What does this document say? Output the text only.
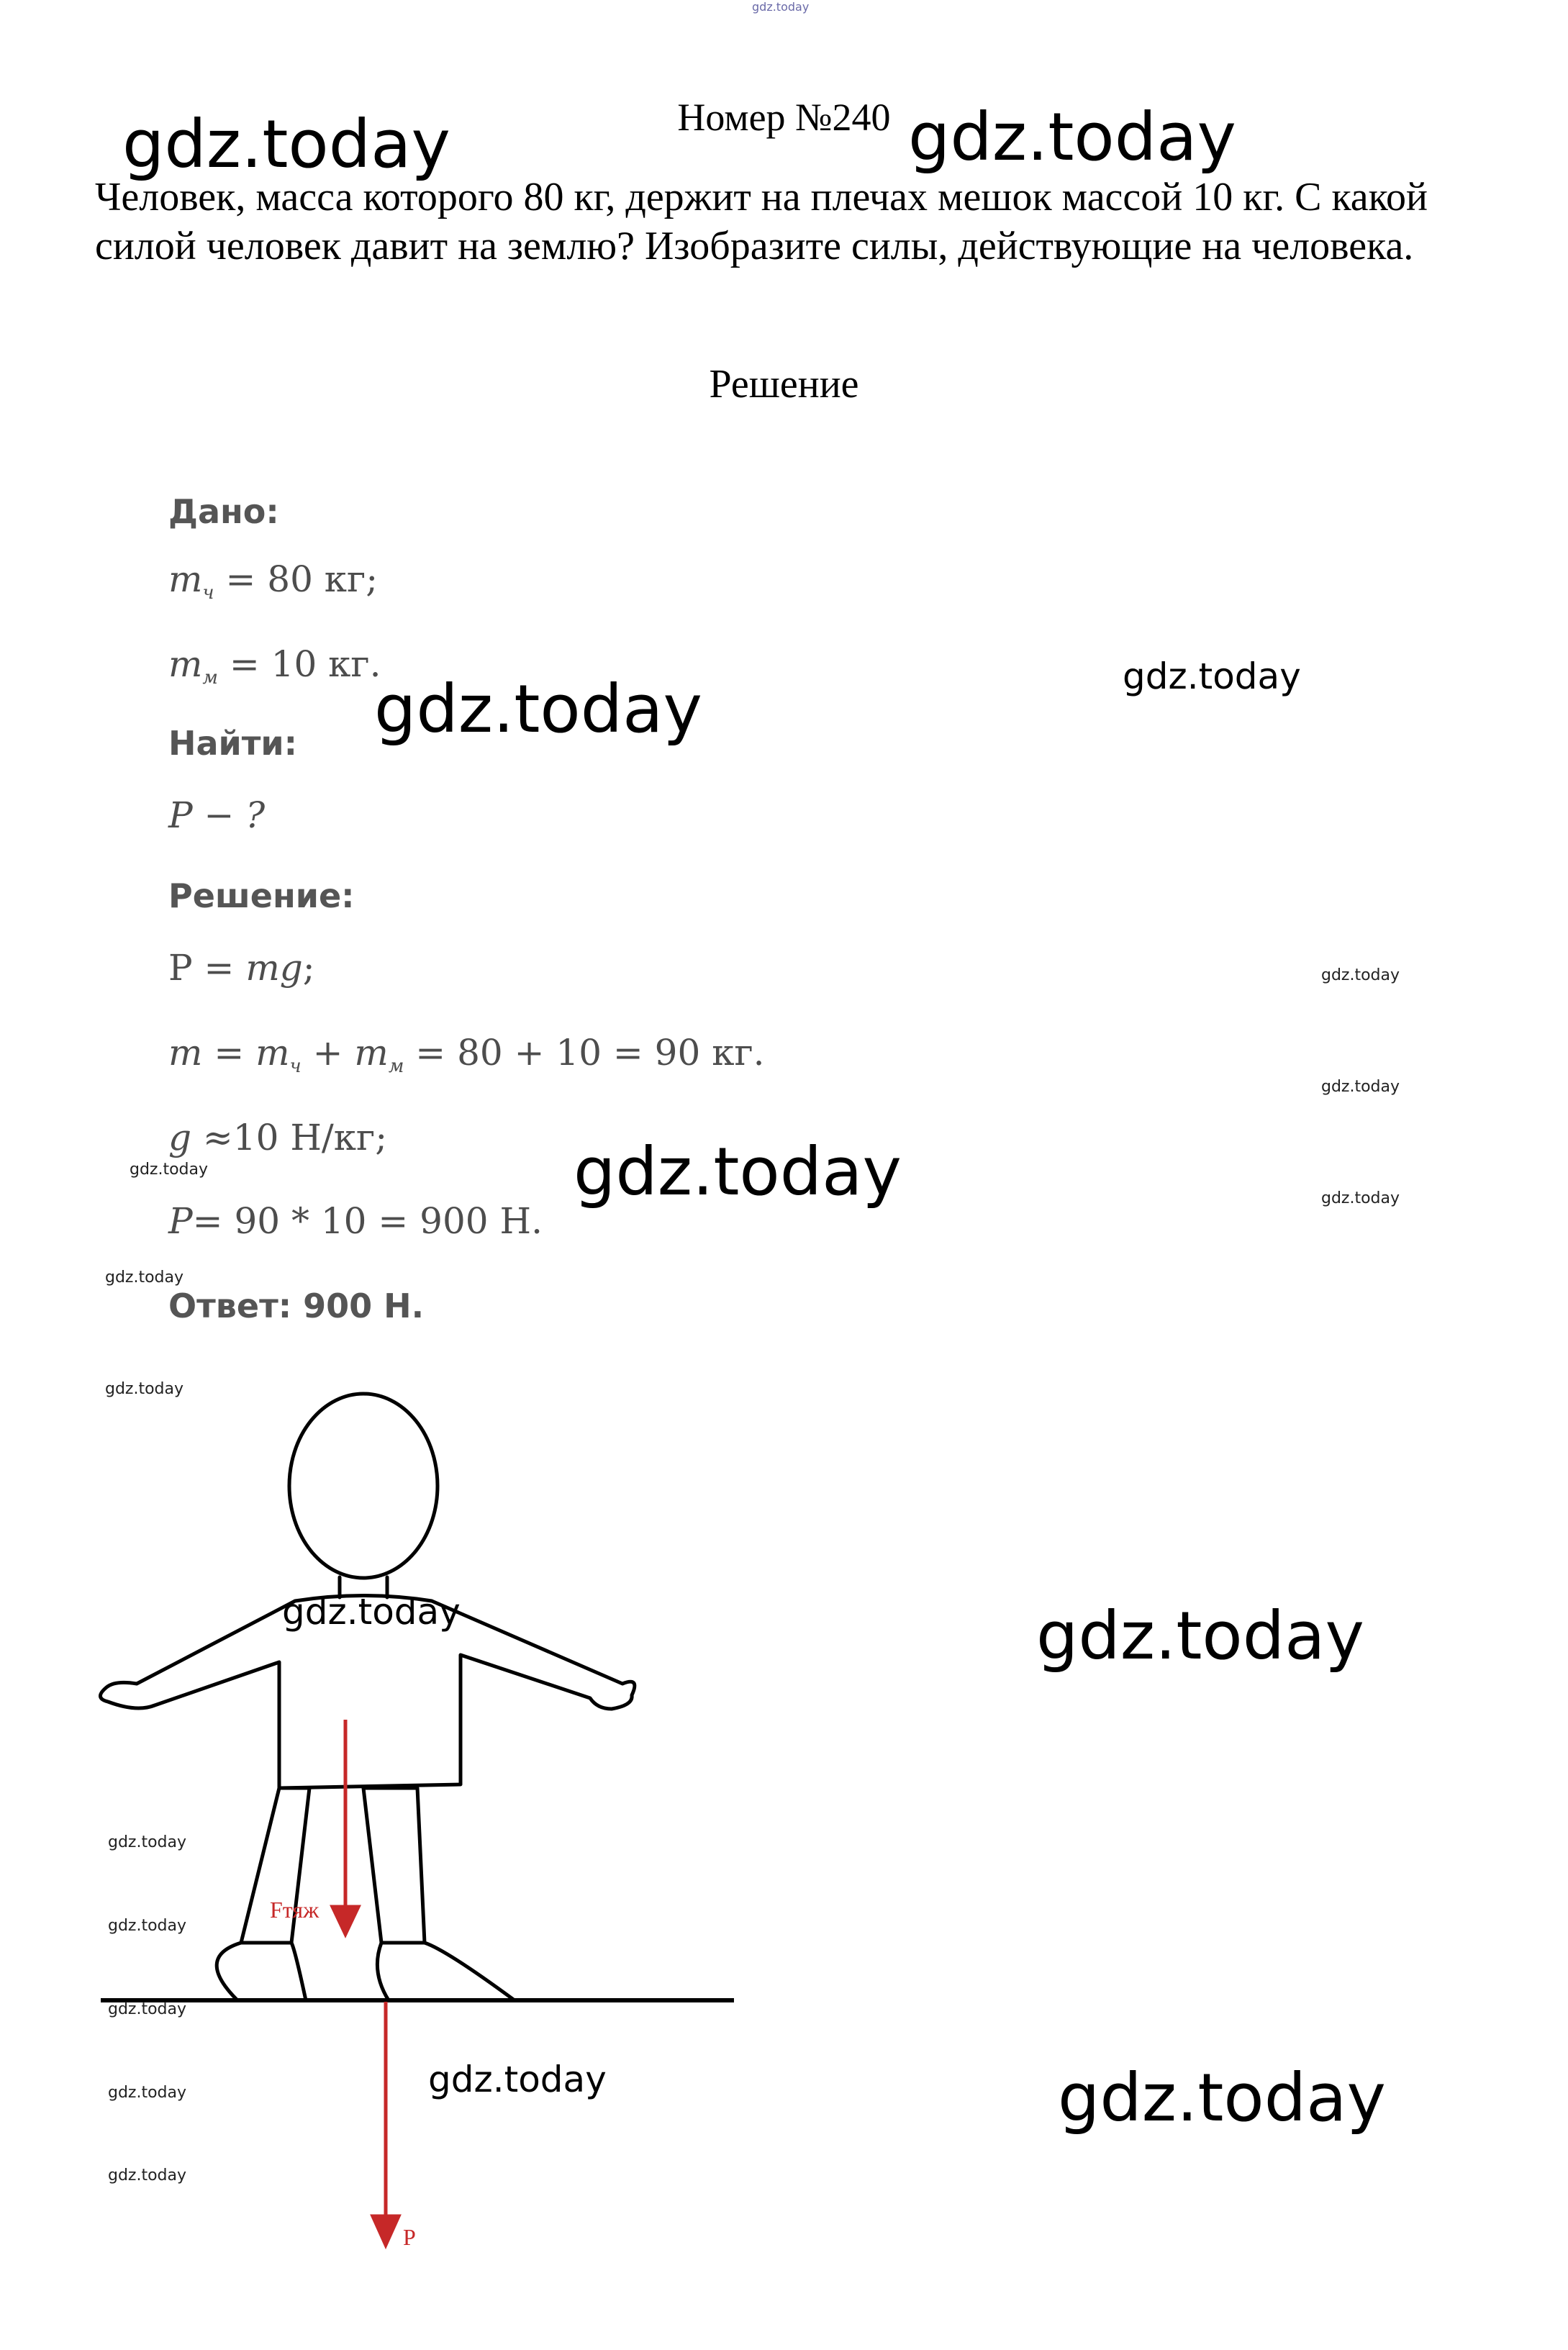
gdz.today
Номер №240
Человек, масса которого 80 кг, держит на плечах мешок массой 10 кг. С какой силой человек давит на землю? Изобразите силы, действующие на человека.
Решение
Дано:
$m_ч = 80$ кг;
$m_м = 10$ кг.
Найти:
P − ?
Решение:
P = mg;
$m = m_ч + m_м = 80 + 10 = 90$ кг.
g ≈10 Н/кг;
P= 90 * 10 = 900 Н.
Ответ: 900 Н.
Fтяж
P
gdz.today	gdz.today
gdz.today
gdz.today
gdz.today
gdz.today
gdz.today	gdz.today	gdz.today
gdz.today
gdz.today
gdz.today	gdz.today
gdz.today
gdz.today
gdz.today
gdz.today
gdz.today	gdz.today
gdz.today
